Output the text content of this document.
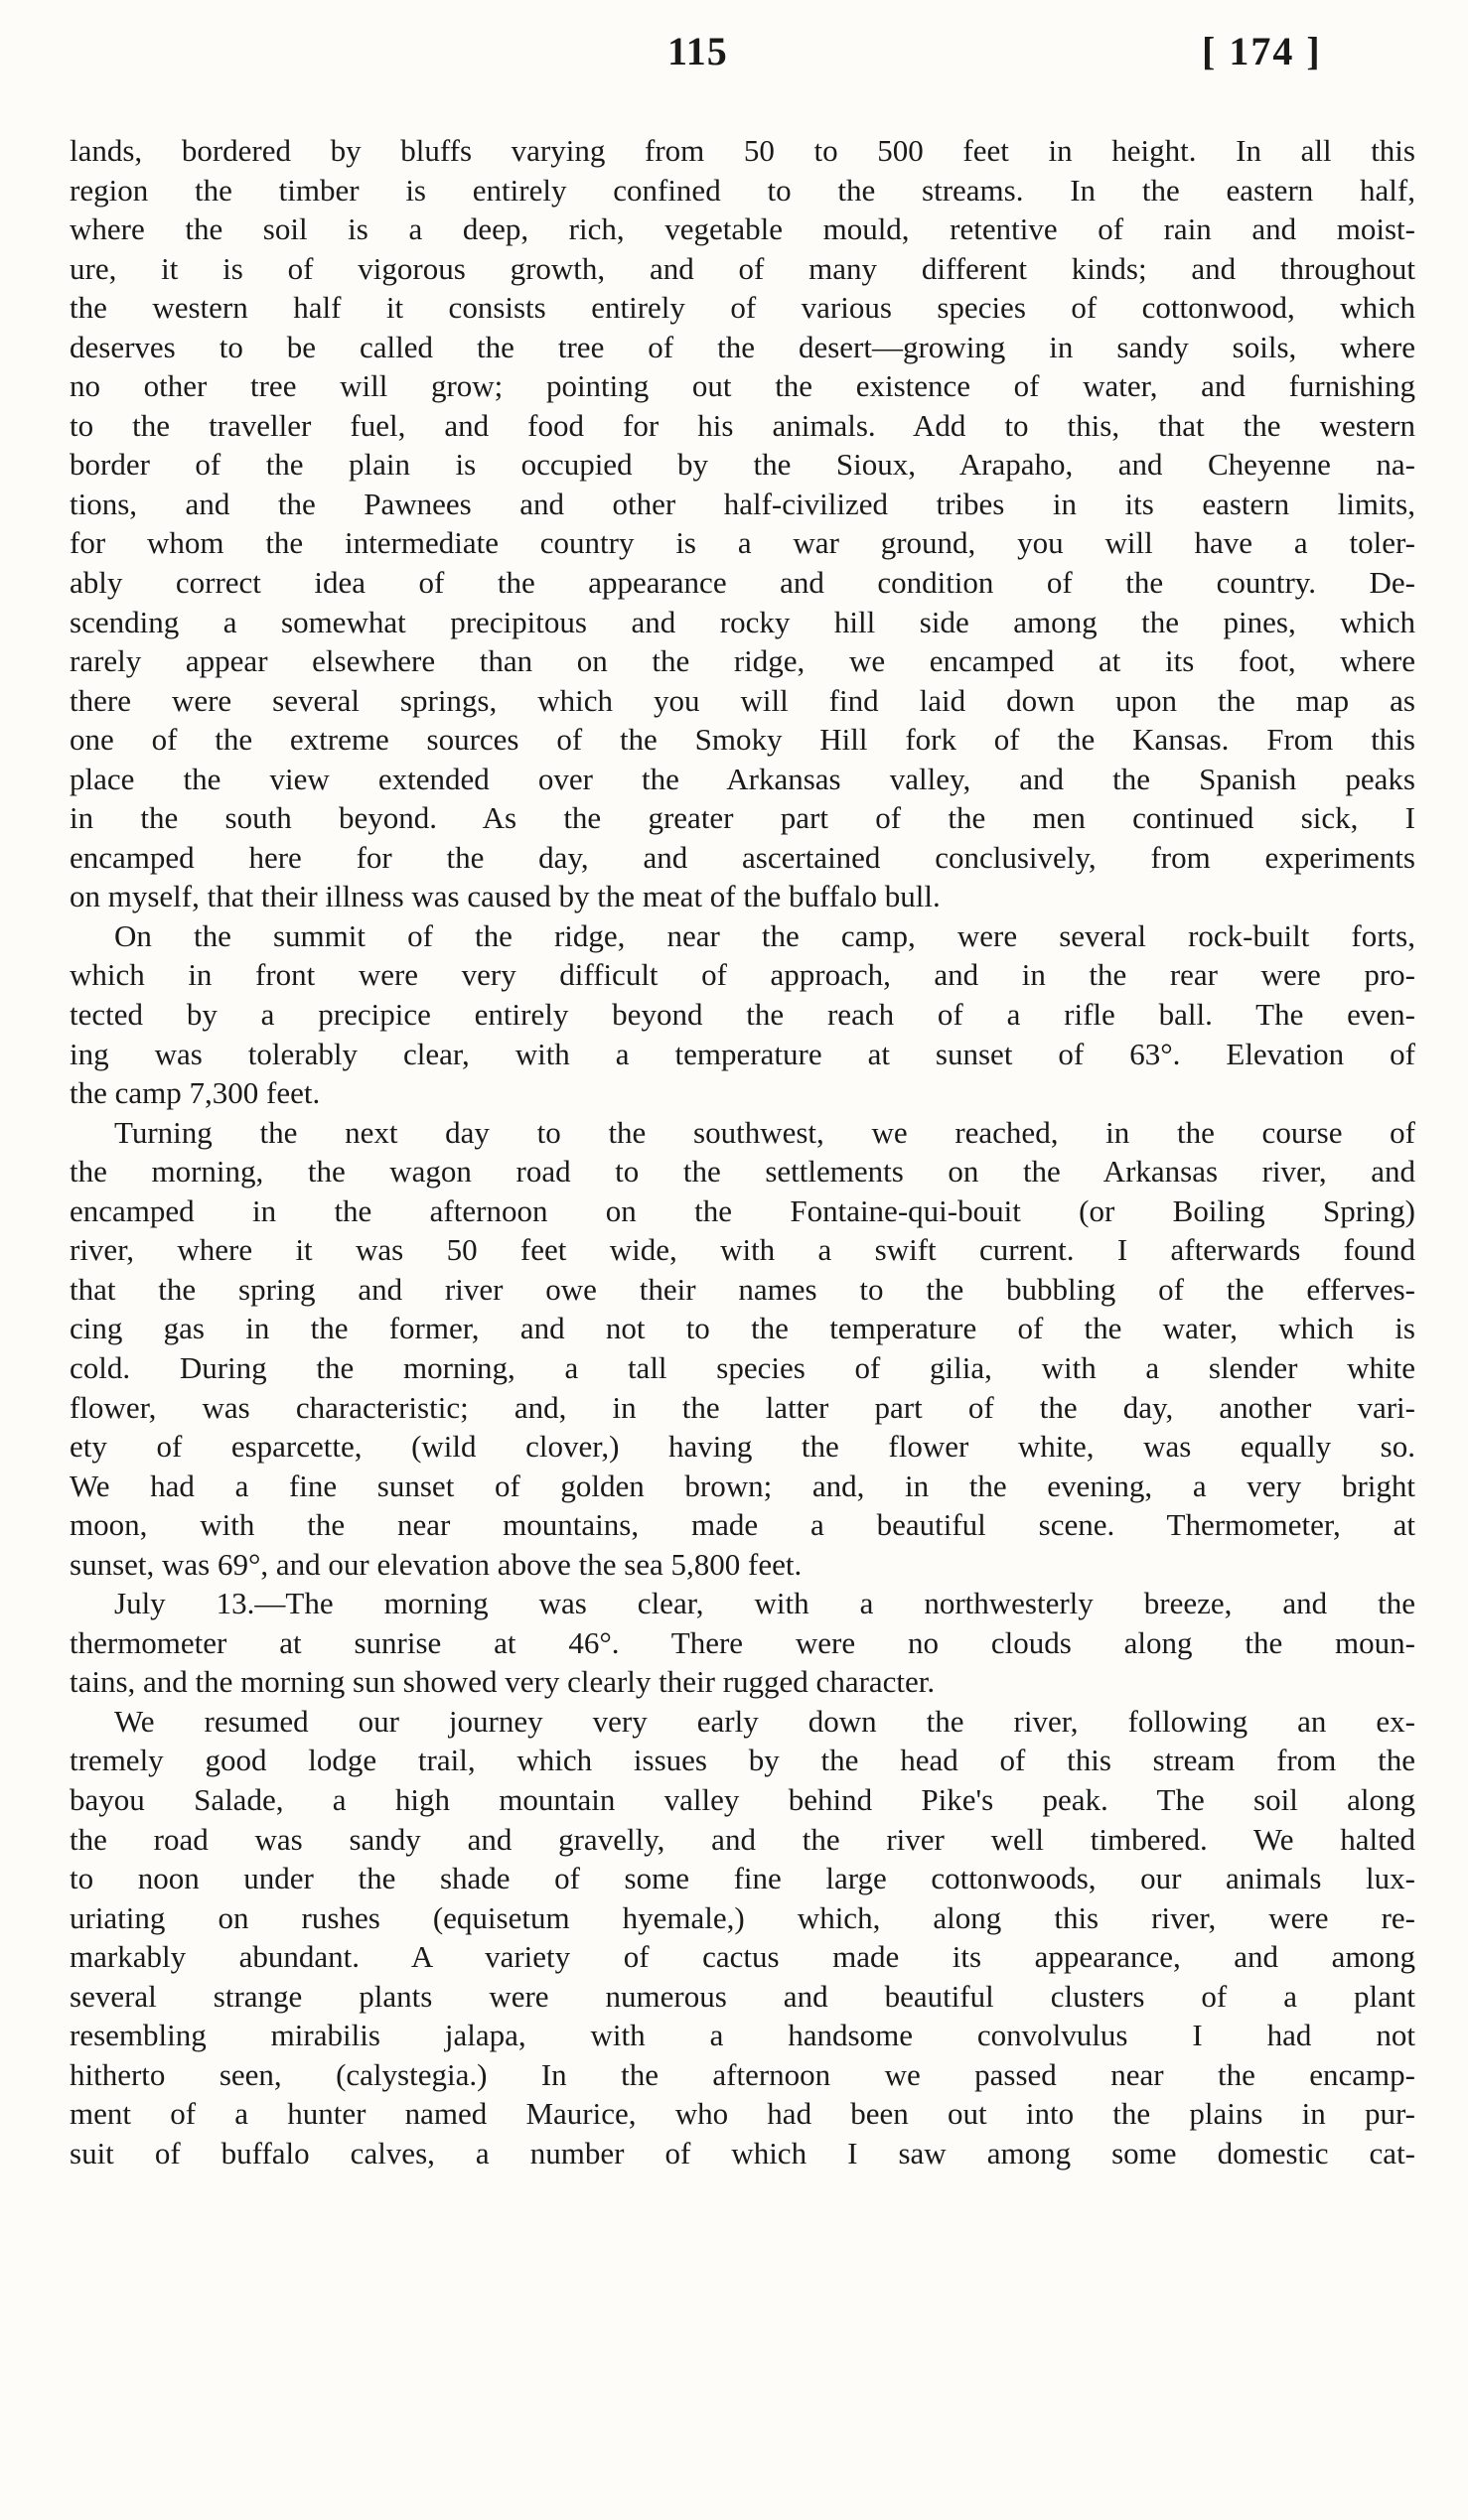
115	[ 174 ]
lands, bordered by bluffs varying from 50 to 500 feet in height. In all this
region the timber is entirely confined to the streams. In the eastern half,
where the soil is a deep, rich, vegetable mould, retentive of rain and moist-
ure, it is of vigorous growth, and of many different kinds; and throughout
the western half it consists entirely of various species of cottonwood, which
deserves to be called the tree of the desert—growing in sandy soils, where
no other tree will grow; pointing out the existence of water, and furnishing
to the traveller fuel, and food for his animals. Add to this, that the western
border of the plain is occupied by the Sioux, Arapaho, and Cheyenne na-
tions, and the Pawnees and other half-civilized tribes in its eastern limits,
for whom the intermediate country is a war ground, you will have a toler-
ably correct idea of the appearance and condition of the country. De-
scending a somewhat precipitous and rocky hill side among the pines, which
rarely appear elsewhere than on the ridge, we encamped at its foot, where
there were several springs, which you will find laid down upon the map as
one of the extreme sources of the Smoky Hill fork of the Kansas. From this
place the view extended over the Arkansas valley, and the Spanish peaks
in the south beyond. As the greater part of the men continued sick, I
encamped here for the day, and ascertained conclusively, from experiments
on myself, that their illness was caused by the meat of the buffalo bull.
On the summit of the ridge, near the camp, were several rock-built forts,
which in front were very difficult of approach, and in the rear were pro-
tected by a precipice entirely beyond the reach of a rifle ball. The even-
ing was tolerably clear, with a temperature at sunset of 63°. Elevation of
the camp 7,300 feet.
Turning the next day to the southwest, we reached, in the course of
the morning, the wagon road to the settlements on the Arkansas river, and
encamped in the afternoon on the Fontaine-qui-bouit (or Boiling Spring)
river, where it was 50 feet wide, with a swift current. I afterwards found
that the spring and river owe their names to the bubbling of the efferves-
cing gas in the former, and not to the temperature of the water, which is
cold. During the morning, a tall species of gilia, with a slender white
flower, was characteristic; and, in the latter part of the day, another vari-
ety of esparcette, (wild clover,) having the flower white, was equally so.
We had a fine sunset of golden brown; and, in the evening, a very bright
moon, with the near mountains, made a beautiful scene. Thermometer, at
sunset, was 69°, and our elevation above the sea 5,800 feet.
July 13.—The morning was clear, with a northwesterly breeze, and the
thermometer at sunrise at 46°. There were no clouds along the moun-
tains, and the morning sun showed very clearly their rugged character.
We resumed our journey very early down the river, following an ex-
tremely good lodge trail, which issues by the head of this stream from the
bayou Salade, a high mountain valley behind Pike's peak. The soil along
the road was sandy and gravelly, and the river well timbered. We halted
to noon under the shade of some fine large cottonwoods, our animals lux-
uriating on rushes (equisetum hyemale,) which, along this river, were re-
markably abundant. A variety of cactus made its appearance, and among
several strange plants were numerous and beautiful clusters of a plant
resembling mirabilis jalapa, with a handsome convolvulus I had not
hitherto seen, (calystegia.) In the afternoon we passed near the encamp-
ment of a hunter named Maurice, who had been out into the plains in pur-
suit of buffalo calves, a number of which I saw among some domestic cat-
